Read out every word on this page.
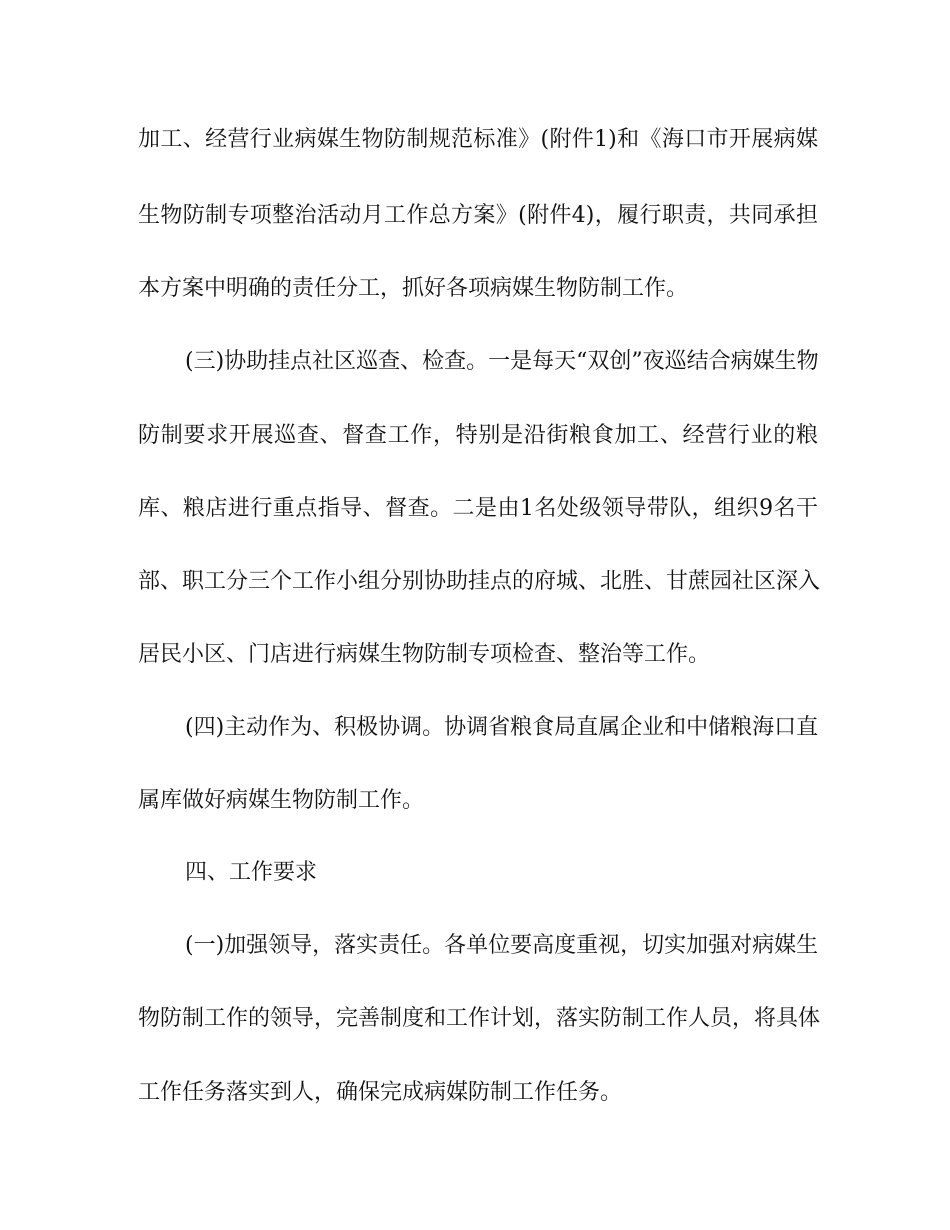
加工、经营行业病媒生物防制规范标准》(附件1)和《海口市开展病媒

生物防制专项整治活动月工作总方案》(附件4)，履行职责，共同承担

本方案中明确的责任分工，抓好各项病媒生物防制工作。

(三)协助挂点社区巡查、检查。一是每天“双创”夜巡结合病媒生物

防制要求开展巡查、督查工作，特别是沿街粮食加工、经营行业的粮

库、粮店进行重点指导、督查。二是由1名处级领导带队，组织9名干

部、职工分三个工作小组分别协助挂点的府城、北胜、甘蔗园社区深入

居民小区、门店进行病媒生物防制专项检查、整治等工作。

(四)主动作为、积极协调。协调省粮食局直属企业和中储粮海口直

属库做好病媒生物防制工作。

四、工作要求

(一)加强领导，落实责任。各单位要高度重视，切实加强对病媒生

物防制工作的领导，完善制度和工作计划，落实防制工作人员，将具体

工作任务落实到人，确保完成病媒防制工作任务。
